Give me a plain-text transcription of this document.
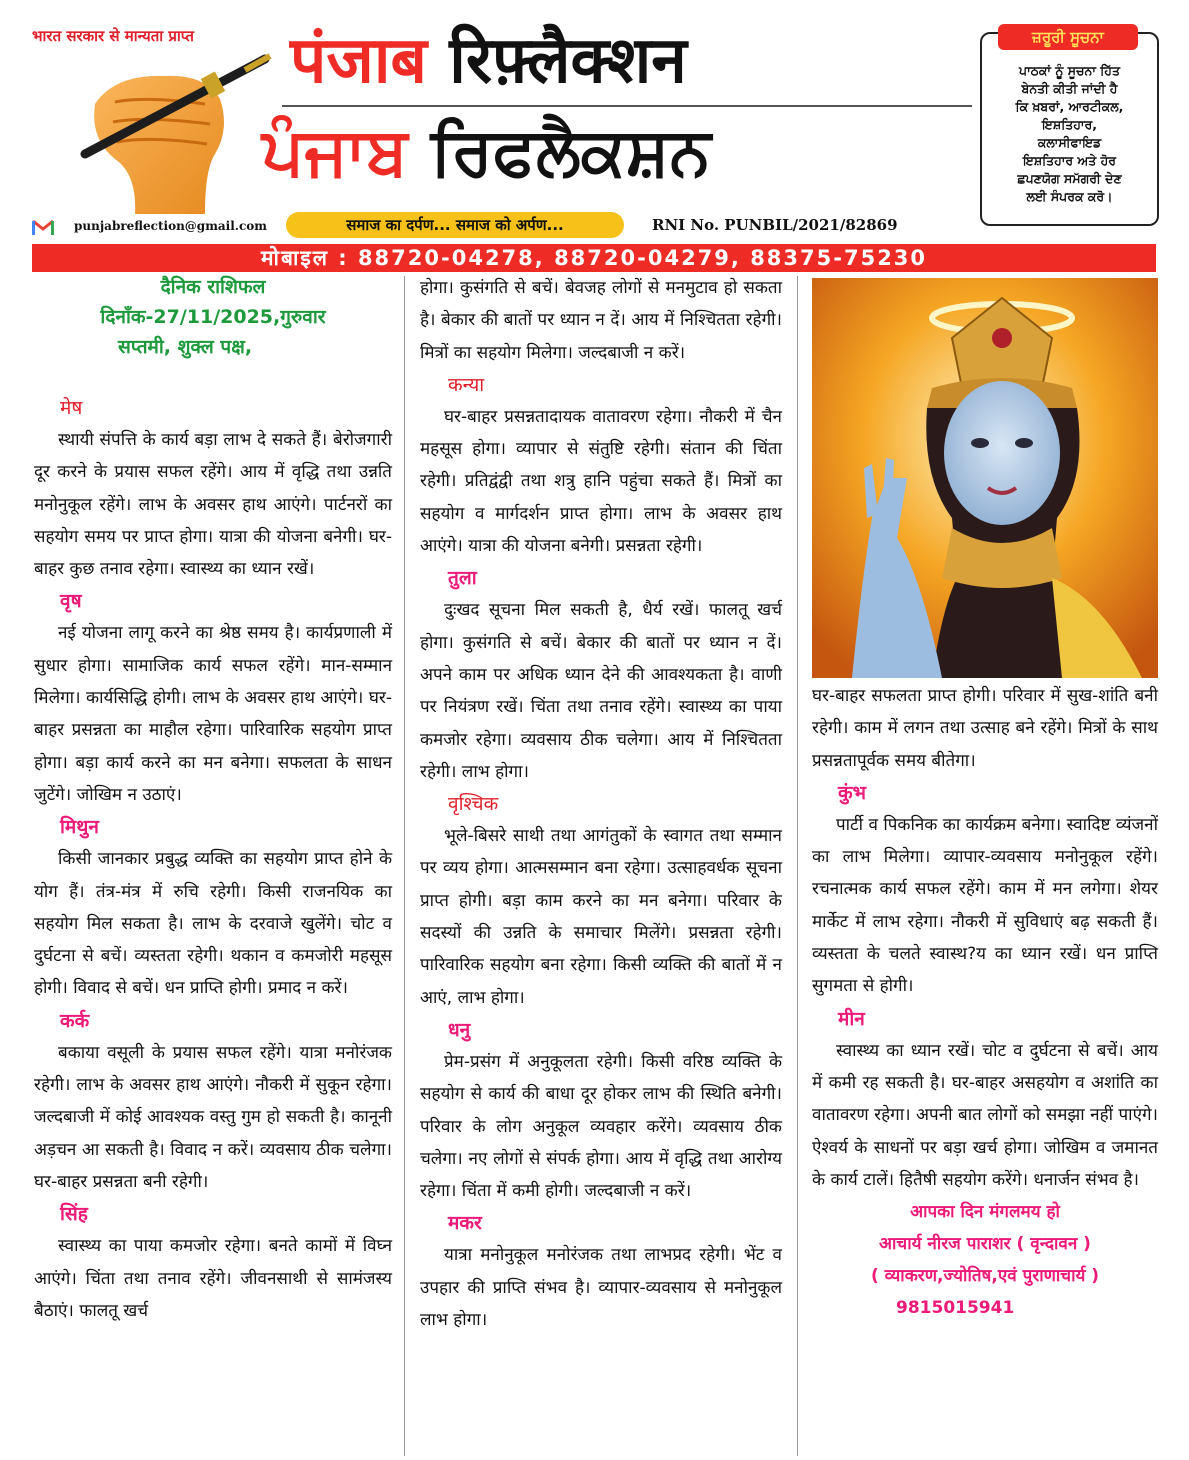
भारत सरकार से मान्यता प्राप्त पंजाब रिफ़्लैक्शन
ਪੰਜਾਬ ਰਿਫਲੈਕਸ਼ਨ
punjabreflection@gmail.com	समाज का दर्पण... समाज को अर्पण...	RNI No. PUNBIL/2021/82869
ਜ਼ਰੂਰੀ ਸੂਚਨਾ
ਪਾਠਕਾਂ ਨੂੰ ਸੂਚਨਾ ਹਿੱਤ
ਬੇਨਤੀ ਕੀਤੀ ਜਾਂਦੀ ਹੈ
ਕਿ ਖ਼ਬਰਾਂ, ਆਰਟੀਕਲ,
ਇਸ਼ਤਿਹਾਰ,
ਕਲਾਸੀਫਾਇਡ
ਇਸ਼ਤਿਹਾਰ ਅਤੇ ਹੋਰ
ਛਪਣਯੋਗ ਸਮੱਗਰੀ ਦੇਣ
ਲਈ ਸੰਪਰਕ ਕਰੋ।
मोबाइल : 88720-04278, 88720-04279, 88375-75230
दैनिक राशिफल
दिनाँक-27/11/2025,गुरुवार
सप्तमी, शुक्ल पक्ष,

मेष

स्थायी संपत्ति के कार्य बड़ा लाभ दे सकते हैं। बेरोजगारी दूर करने के प्रयास सफल रहेंगे। आय में वृद्धि तथा उन्नति मनोनुकूल रहेंगे। लाभ के अवसर हाथ आएंगे। पार्टनरों का सहयोग समय पर प्राप्त होगा। यात्रा की योजना बनेगी। घर-बाहर कुछ तनाव रहेगा। स्वास्थ्य का ध्यान रखें।

वृष

नई योजना लागू करने का श्रेष्ठ समय है। कार्यप्रणाली में सुधार होगा। सामाजिक कार्य सफल रहेंगे। मान-सम्मान मिलेगा। कार्यसिद्धि होगी। लाभ के अवसर हाथ आएंगे। घर-बाहर प्रसन्नता का माहौल रहेगा। पारिवारिक सहयोग प्राप्त होगा। बड़ा कार्य करने का मन बनेगा। सफलता के साधन जुटेंगे। जोखिम न उठाएं।

मिथुन

किसी जानकार प्रबुद्ध व्यक्ति का सहयोग प्राप्त होने के योग हैं। तंत्र-मंत्र में रुचि रहेगी। किसी राजनयिक का सहयोग मिल सकता है। लाभ के दरवाजे खुलेंगे। चोट व दुर्घटना से बचें। व्यस्तता रहेगी। थकान व कमजोरी महसूस होगी। विवाद से बचें। धन प्राप्ति होगी। प्रमाद न करें।

कर्क

बकाया वसूली के प्रयास सफल रहेंगे। यात्रा मनोरंजक रहेगी। लाभ के अवसर हाथ आएंगे। नौकरी में सुकून रहेगा। जल्दबाजी में कोई आवश्यक वस्तु गुम हो सकती है। कानूनी अड़चन आ सकती है। विवाद न करें। व्यवसाय ठीक चलेगा। घर-बाहर प्रसन्नता बनी रहेगी।

सिंह

स्वास्थ्य का पाया कमजोर रहेगा। बनते कामों में विघ्न आएंगे। चिंता तथा तनाव रहेंगे। जीवनसाथी से सामंजस्य बैठाएं। फालतू खर्च

होगा। कुसंगति से बचें। बेवजह लोगों से मनमुटाव हो सकता है। बेकार की बातों पर ध्यान न दें। आय में निश्चितता रहेगी। मित्रों का सहयोग मिलेगा। जल्दबाजी न करें।

कन्या

घर-बाहर प्रसन्नतादायक वातावरण रहेगा। नौकरी में चैन महसूस होगा। व्यापार से संतुष्टि रहेगी। संतान की चिंता रहेगी। प्रतिद्वंद्वी तथा शत्रु हानि पहुंचा सकते हैं। मित्रों का सहयोग व मार्गदर्शन प्राप्त होगा। लाभ के अवसर हाथ आएंगे। यात्रा की योजना बनेगी। प्रसन्नता रहेगी।

तुला

दुःखद सूचना मिल सकती है, धैर्य रखें। फालतू खर्च होगा। कुसंगति से बचें। बेकार की बातों पर ध्यान न दें। अपने काम पर अधिक ध्यान देने की आवश्यकता है। वाणी पर नियंत्रण रखें। चिंता तथा तनाव रहेंगे। स्वास्थ्य का पाया कमजोर रहेगा। व्यवसाय ठीक चलेगा। आय में निश्चितता रहेगी। लाभ होगा।

वृश्चिक

भूले-बिसरे साथी तथा आगंतुकों के स्वागत तथा सम्मान पर व्यय होगा। आत्मसम्मान बना रहेगा। उत्साहवर्धक सूचना प्राप्त होगी। बड़ा काम करने का मन बनेगा। परिवार के सदस्यों की उन्नति के समाचार मिलेंगे। प्रसन्नता रहेगी। पारिवारिक सहयोग बना रहेगा। किसी व्यक्ति की बातों में न आएं, लाभ होगा।

धनु

प्रेम-प्रसंग में अनुकूलता रहेगी। किसी वरिष्ठ व्यक्ति के सहयोग से कार्य की बाधा दूर होकर लाभ की स्थिति बनेगी। परिवार के लोग अनुकूल व्यवहार करेंगे। व्यवसाय ठीक चलेगा। नए लोगों से संपर्क होगा। आय में वृद्धि तथा आरोग्य रहेगा। चिंता में कमी होगी। जल्दबाजी न करें।

मकर

यात्रा मनोनुकूल मनोरंजक तथा लाभप्रद रहेगी। भेंट व उपहार की प्राप्ति संभव है। व्यापार-व्यवसाय से मनोनुकूल लाभ होगा।

घर-बाहर सफलता प्राप्त होगी। परिवार में सुख-शांति बनी रहेगी। काम में लगन तथा उत्साह बने रहेंगे। मित्रों के साथ प्रसन्नतापूर्वक समय बीतेगा।

कुंभ

पार्टी व पिकनिक का कार्यक्रम बनेगा। स्वादिष्ट व्यंजनों का लाभ मिलेगा। व्यापार-व्यवसाय मनोनुकूल रहेंगे। रचनात्मक कार्य सफल रहेंगे। काम में मन लगेगा। शेयर मार्केट में लाभ रहेगा। नौकरी में सुविधाएं बढ़ सकती हैं। व्यस्तता के चलते स्वास्थ?य का ध्यान रखें। धन प्राप्ति सुगमता से होगी।

मीन

स्वास्थ्य का ध्यान रखें। चोट व दुर्घटना से बचें। आय में कमी रह सकती है। घर-बाहर असहयोग व अशांति का वातावरण रहेगा। अपनी बात लोगों को समझा नहीं पाएंगे। ऐश्वर्य के साधनों पर बड़ा खर्च होगा। जोखिम व जमानत के कार्य टालें। हितैषी सहयोग करेंगे। धनार्जन संभव है।

आपका दिन मंगलमय हो
आचार्य नीरज पाराशर ( वृन्दावन )
( व्याकरण,ज्योतिष,एवं पुराणाचार्य )
9815015941
